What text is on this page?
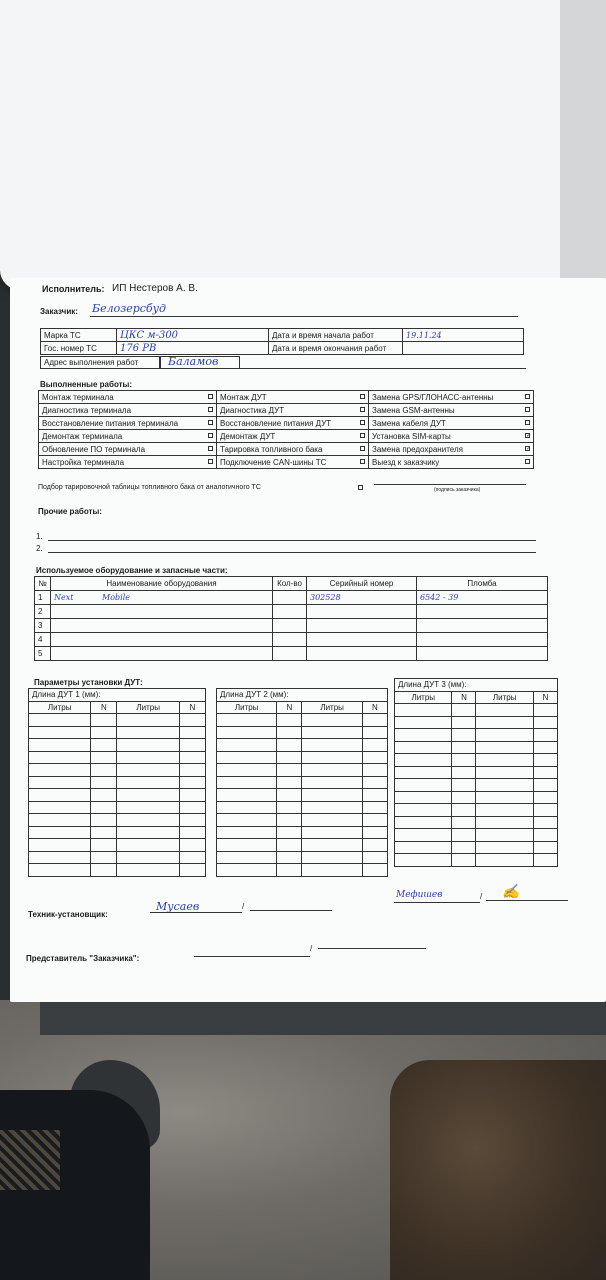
Исполнитель: ИП Нестеров А. В.
Заказчик: Белозерсбуд
Марка ТС	ЦКС м-300	Дата и время начала работ	19.11.24
Гос. номер ТС	176 РВ	Дата и время окончания работ	
Адрес выполнения работ	Баламов
Выполненные работы:
Монтаж терминала	Монтаж ДУТ	Замена GPS/ГЛОНАСС-антенны

Диагностика терминала	Диагностика ДУТ	Замена GSM-антенны

Восстановление питания терминала	Восстановление питания ДУТ	Замена кабеля ДУТ

Демонтаж терминала	Демонтаж ДУТ	Установка SIM-карты
✓

Обновление ПО терминала	Тарировка топливного бака	Замена предохранителя
✓

Настройка терминала	Подключение CAN-шины ТС	Выезд к заказчику
Подбор тарировочной таблицы топливного бака от аналогичного ТС	(подпись заказчика)
Прочие работы:
1.
2.
Используемое оборудование и запасные части:
№	Наименование оборудования	Кол-во	Серийный номер	Пломба
1	Next Mobile		302528	6542 - 39
2				
3				
4				
5				
Параметры установки ДУТ:
Длина ДУТ 1 (мм):			
Литры	N	Литры	N

Длина ДУТ 2 (мм):			
Литры	N	Литры	N

Длина ДУТ 3 (мм):			
Литры	N	Литры	N

Техник-установщик:
Мусаев	/
Мефишев	/ ✍
Представитель "Заказчика":
/
